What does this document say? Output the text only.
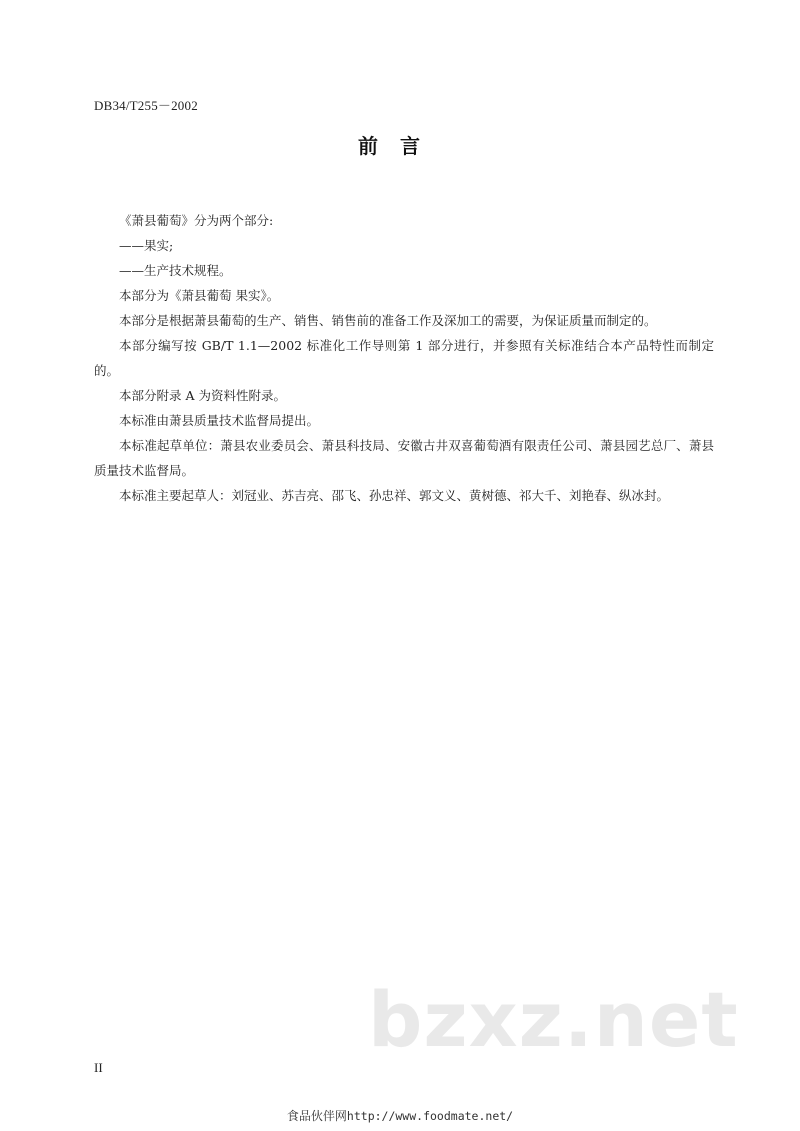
DB34/T255－2002
前言

《萧县葡萄》分为两个部分:

——果实;

——生产技术规程。

本部分为《萧县葡萄 果实》。

本部分是根据萧县葡萄的生产、销售、销售前的准备工作及深加工的需要，为保证质量而制定的。

本部分编写按 GB/T 1.1—2002 标准化工作导则第 1 部分进行，并参照有关标准结合本产品特性而制定的。

本部分附录 A 为资料性附录。

本标准由萧县质量技术监督局提出。

本标准起草单位：萧县农业委员会、萧县科技局、安徽古井双喜葡萄酒有限责任公司、萧县园艺总厂、萧县质量技术监督局。

本标准主要起草人：刘冠业、苏吉亮、邵飞、孙忠祥、郭文义、黄树德、祁大千、刘艳春、纵冰封。

bzxz.net
II
食品伙伴网http://www.foodmate.net/
